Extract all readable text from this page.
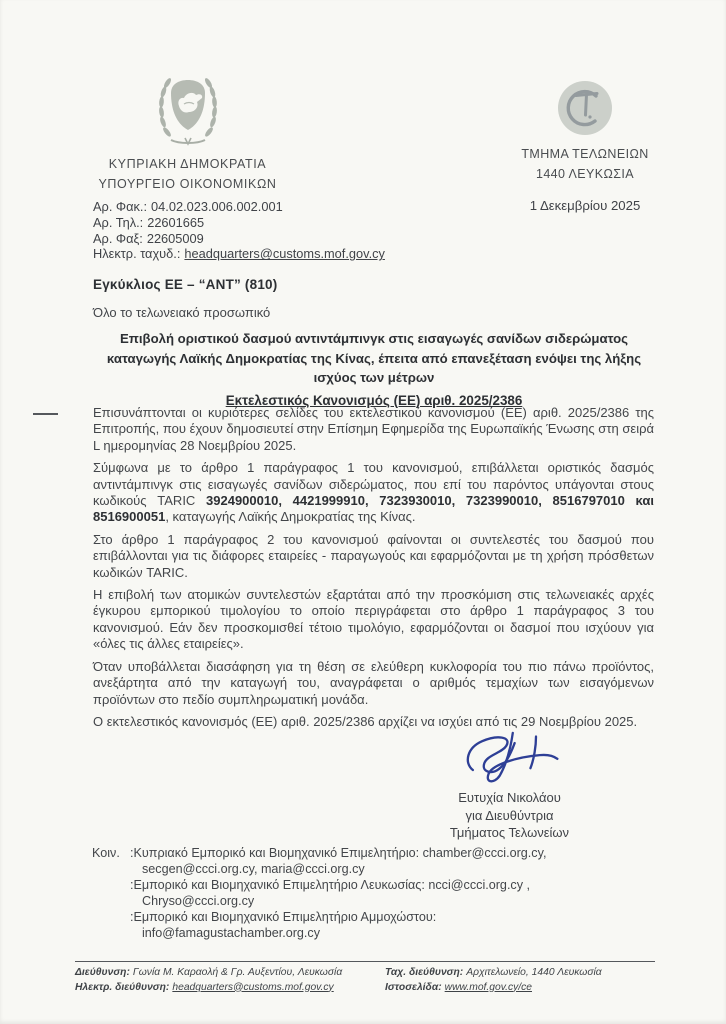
ΚΥΠΡΙΑΚΗ ΔΗΜΟΚΡΑΤΙΑ
ΥΠΟΥΡΓΕΙΟ ΟΙΚΟΝΟΜΙΚΩΝ
ΤΜΗΜΑ ΤΕΛΩΝΕΙΩΝ
1440 ΛΕΥΚΩΣΙΑ
Αρ. Φακ.: 04.02.023.006.002.001
Αρ. Τηλ.: 22601665
Αρ. Φαξ: 22605009
Ηλεκτρ. ταχυδ.: headquarters@customs.mof.gov.cy
1 Δεκεμβρίου 2025
Εγκύκλιος ΕΕ – “ΑΝΤ” (810)
Όλο το τελωνειακό προσωπικό
Επιβολή οριστικού δασμού αντιντάμπινγκ στις εισαγωγές σανίδων σιδερώματος καταγωγής Λαϊκής Δημοκρατίας της Κίνας, έπειτα από επανεξέταση ενόψει της λήξης ισχύος των μέτρων
Εκτελεστικός Κανονισμός (ΕΕ) αριθ. 2025/2386

Επισυνάπτονται οι κυριότερες σελίδες του εκτελεστικού κανονισμού (ΕΕ) αριθ. 2025/2386 της Επιτροπής, που έχουν δημοσιευτεί στην Επίσημη Εφημερίδα της Ευρωπαϊκής Ένωσης στη σειρά L ημερομηνίας 28 Νοεμβρίου 2025.

Σύμφωνα με το άρθρο 1 παράγραφος 1 του κανονισμού, επιβάλλεται οριστικός δασμός αντιντάμπινγκ στις εισαγωγές σανίδων σιδερώματος, που επί του παρόντος υπάγονται στους κωδικούς TARIC 3924900010, 4421999910, 7323930010, 7323990010, 8516797010 και 8516900051, καταγωγής Λαϊκής Δημοκρατίας της Κίνας.

Στο άρθρο 1 παράγραφος 2 του κανονισμού φαίνονται οι συντελεστές του δασμού που επιβάλλονται για τις διάφορες εταιρείες - παραγωγούς και εφαρμόζονται με τη χρήση πρόσθετων κωδικών TARIC.

Η επιβολή των ατομικών συντελεστών εξαρτάται από την προσκόμιση στις τελωνειακές αρχές έγκυρου εμπορικού τιμολογίου το οποίο περιγράφεται στο άρθρο 1 παράγραφος 3 του κανονισμού. Εάν δεν προσκομισθεί τέτοιο τιμολόγιο, εφαρμόζονται οι δασμοί που ισχύουν για «όλες τις άλλες εταιρείες».

Όταν υποβάλλεται διασάφηση για τη θέση σε ελεύθερη κυκλοφορία του πιο πάνω προϊόντος, ανεξάρτητα από την καταγωγή του, αναγράφεται ο αριθμός τεμαχίων των εισαγόμενων προϊόντων στο πεδίο συμπληρωματική μονάδα.

Ο εκτελεστικός κανονισμός (ΕΕ) αριθ. 2025/2386 αρχίζει να ισχύει από τις 29 Νοεμβρίου 2025.

Ευτυχία Νικολάου
για Διευθύντρια
Τμήματος Τελωνείων
Κοιν. :Κυπριακό Εμπορικό και Βιομηχανικό Επιμελητήριο: chamber@ccci.org.cy, secgen@ccci.org.cy, maria@ccci.org.cy
:Εμπορικό και Βιομηχανικό Επιμελητήριο Λευκωσίας: ncci@ccci.org.cy , Chryso@ccci.org.cy
:Εμπορικό και Βιομηχανικό Επιμελητήριο Αμμοχώστου: info@famagustachamber.org.cy
Διεύθυνση: Γωνία Μ. Καραολή & Γρ. Αυξεντίου, Λευκωσία
Ηλεκτρ. διεύθυνση: headquarters@customs.mof.gov.cy
Ταχ. διεύθυνση: Αρχιτελωνείο, 1440 Λευκωσία
Ιστοσελίδα: www.mof.gov.cy/ce
